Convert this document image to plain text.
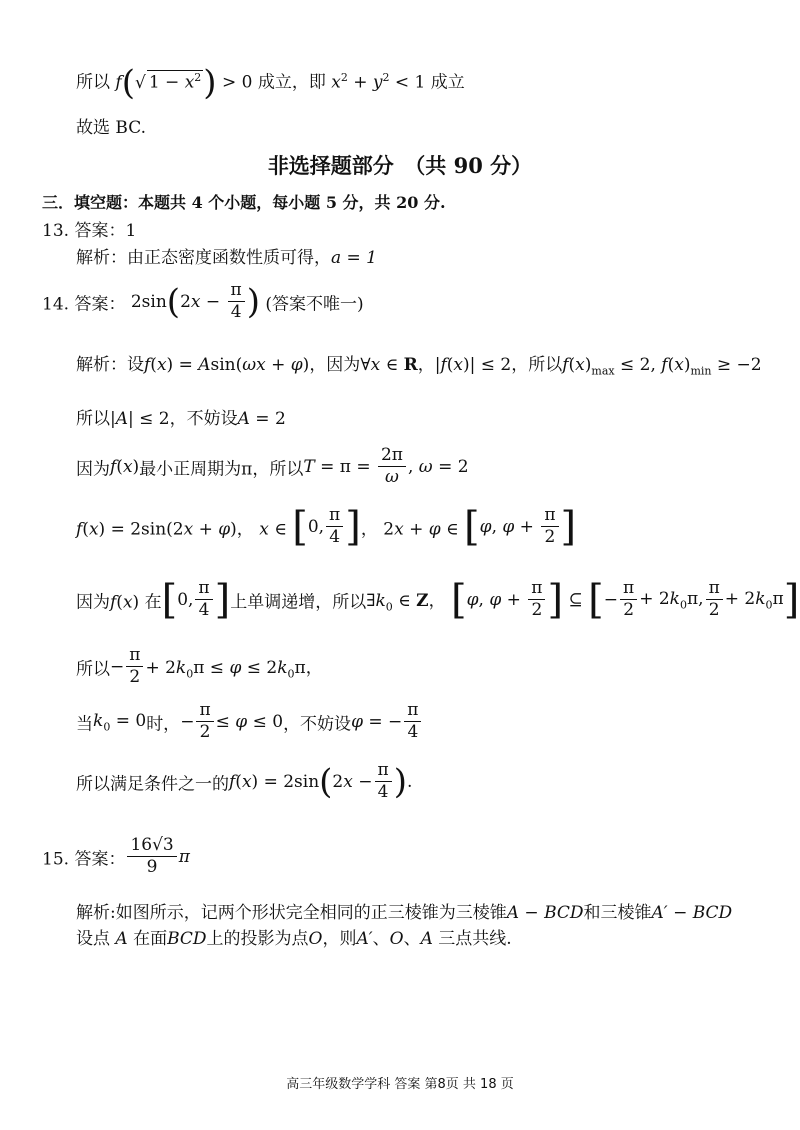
所以 f(√ $1 - x^2) > 0$ 成立，即 $x^2 + y^2 < 1$ 成立
故选 BC.
非选择题部分　（共 90 分）
三．填空题：本题共 4 个小题，每小题 5 分，共 20 分.
13. 答案：1
解析：由正态密度函数性质可得，a = 1
14. 答案： $2\sin(2x - \frac{\pi}{4}$ ) (答案不唯一)
解析：设f(x) = Asin(ωx + φ)，因为∀x ∈ R，|f(x)| ≤ 2，所以$f(x)_{max} \le 2$, $f(x)_{min} \ge -2$
所以|A| ≤ 2，不妨设A = 2
因为f(x)最小正周期为π，所以$T = \pi = \frac{2\pi}{\omega}$ , ω = 2
f(x) = 2sin(2x + φ)， x ∈ [0, $\frac{\pi}{4}$ ]， 2x + φ ∈ [φ, $\varphi + \frac{\pi}{2}$ ]
因为f(x) 在[0, $\frac{\pi}{4}$ ]上单调递增，所以$\exists k_0$ ∈ Z， [φ, $\varphi + \frac{\pi}{2}$ ] ⊆ [− $\frac{\pi}{2} + 2k_0\pi$, $\frac{\pi}{2} + 2k_0\pi$]
所以− $\frac{\pi}{2} + 2k_0\pi \le \varphi \le 2k_0\pi$，
当$k_0 = 0$时，− $\frac{\pi}{2} \le \varphi \le 0$，不妨设φ = − $\frac{\pi}{4}$
所以满足条件之一的$f(x) = 2\sin(2x - \frac{\pi}{4}$ ).
15. 答案： $\frac{16√3}{9}$ π
解析:如图所示，记两个形状完全相同的正三棱锥为三棱锥A − BCD和三棱锥A′ − BCD
设点 A 在面BCD上的投影为点O，则A′、O、A 三点共线.
高三年级数学学科 答案 第8页 共 18 页
